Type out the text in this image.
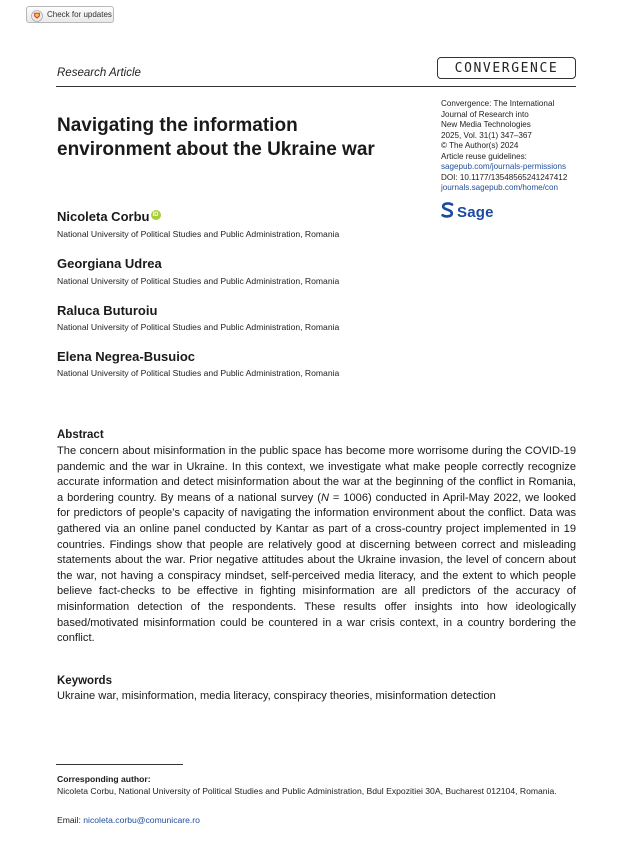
Check for updates
Research Article	CONVERGENCE
Navigating the information
environment about the Ukraine war
Convergence: The International
Journal of Research into
New Media Technologies
2025, Vol. 31(1) 347–367
© The Author(s) 2024
Article reuse guidelines:
sagepub.com/journals-permissions
DOI: 10.1177/13548565241247412
journals.sagepub.com/home/con
Sage
Nicoleta CorbuiD
National University of Political Studies and Public Administration, Romania
Georgiana Udrea
National University of Political Studies and Public Administration, Romania
Raluca Buturoiu
National University of Political Studies and Public Administration, Romania
Elena Negrea-Busuioc
National University of Political Studies and Public Administration, Romania
Abstract
The concern about misinformation in the public space has become more worrisome during the COVID-19 pandemic and the war in Ukraine. In this context, we investigate what make people correctly recognize accurate information and detect misinformation about the war at the beginning of the conflict in Romania, a bordering country. By means of a national survey (N = 1006) conducted in April-May 2022, we looked for predictors of people’s capacity of navigating the information environment about the conflict. Data was gathered via an online panel conducted by Kantar as part of a cross-country project implemented in 19 countries. Findings show that people are relatively good at discerning between correct and misleading statements about the war. Prior negative attitudes about the Ukraine invasion, the level of concern about the war, not having a conspiracy mindset, self-perceived media literacy, and the extent to which people believe fact-checks to be effective in fighting misinformation are all predictors of the accuracy of misinformation detection of the respondents. These results offer insights into how ideologically based/motivated misinformation could be countered in a war crisis context, in a country bordering the conflict.
Keywords
Ukraine war, misinformation, media literacy, conspiracy theories, misinformation detection
Corresponding author:
Nicoleta Corbu, National University of Political Studies and Public Administration, Bdul Expozitiei 30A, Bucharest 012104, Romania.
Email: nicoleta.corbu@comunicare.ro
